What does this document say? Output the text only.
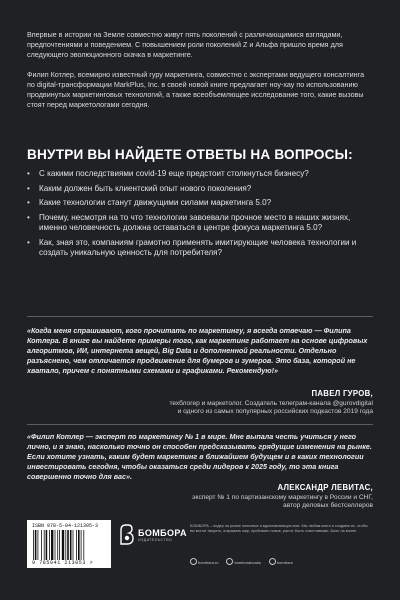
Впервые в истории на Земле совместно живут пять поколений с различающимися взглядами, предпочтениями и поведением. С повышением роли поколений Z и Альфа пришло время для следующего эволюционного скачка в маркетинге.

Филип Котлер, всемирно известный гуру маркетинга, совместно с экспертами ведущего консалтинга по digital-трансформации MarkPlus, Inc. в своей новой книге предлагает ноу-хау по использованию продвинутых маркетинговых технологий, а также всеобъемлющее исследование того, какие вызовы стоят перед маркетологами сегодня.

ВНУТРИ ВЫ НАЙДЕТЕ ОТВЕТЫ НА ВОПРОСЫ:
• С какими последствиями covid-19 еще предстоит столкнуться бизнесу?
• Каким должен быть клиентский опыт нового поколения?
• Какие технологии станут движущими силами маркетинга 5.0?
• Почему, несмотря на то что технологии завоевали прочное место в наших жизнях, именно человечность должна оставаться в центре фокуса маркетинга 5.0?
• Как, зная это, компаниям грамотно применять имитирующие человека технологии и создать уникальную ценность для потребителя?
«Когда меня спрашивают, кого прочитать по маркетингу, я всегда отвечаю — Филипа Котлера. В книге вы найдете примеры того, как маркетинг работает на основе цифровых алгоритмов, ИИ, интернета вещей, Big Data и дополненной реальности. Отдельно разъяснено, чем отличается продвижение для бумеров и зумеров. Это база, которой не хватало, причем с понятными схемами и графиками. Рекомендую!»
ПАВЕЛ ГУРОВ,
техблогер и маркетолог. Создатель телеграм-канала @gurovdigital
и одного из самых популярных российских подкастов 2019 года
«Филип Котлер — эксперт по маркетингу № 1 в мире. Мне выпала честь учиться у него лично, и я знаю, насколько точно он способен предсказывать грядущие изменения на рынке. Если хотите узнать, каким будет маркетинг в ближайшем будущем и в каких технологии инвестировать сегодня, чтобы оказаться среди лидеров к 2025 году, то эта книга совершенно точно для вас».
АЛЕКСАНДР ЛЕВИТАС,
эксперт № 1 по партизанскому маркетингу в России и СНГ,
автор деловых бестселлеров
ISBN 978-5-04-121305-3
9 785041 213053 >
БОМБОРА
ИЗДАТЕЛЬСТВО
БОМБОРА – лидер на рынке полезных и вдохновляющих книг. Мы любим книги и создаем их, чтобы вы могли творить, открывать мир, пробовать новое, расти. Быть счастливыми. Быть на волне.
bombora.ru	bomborabooks	bombora
